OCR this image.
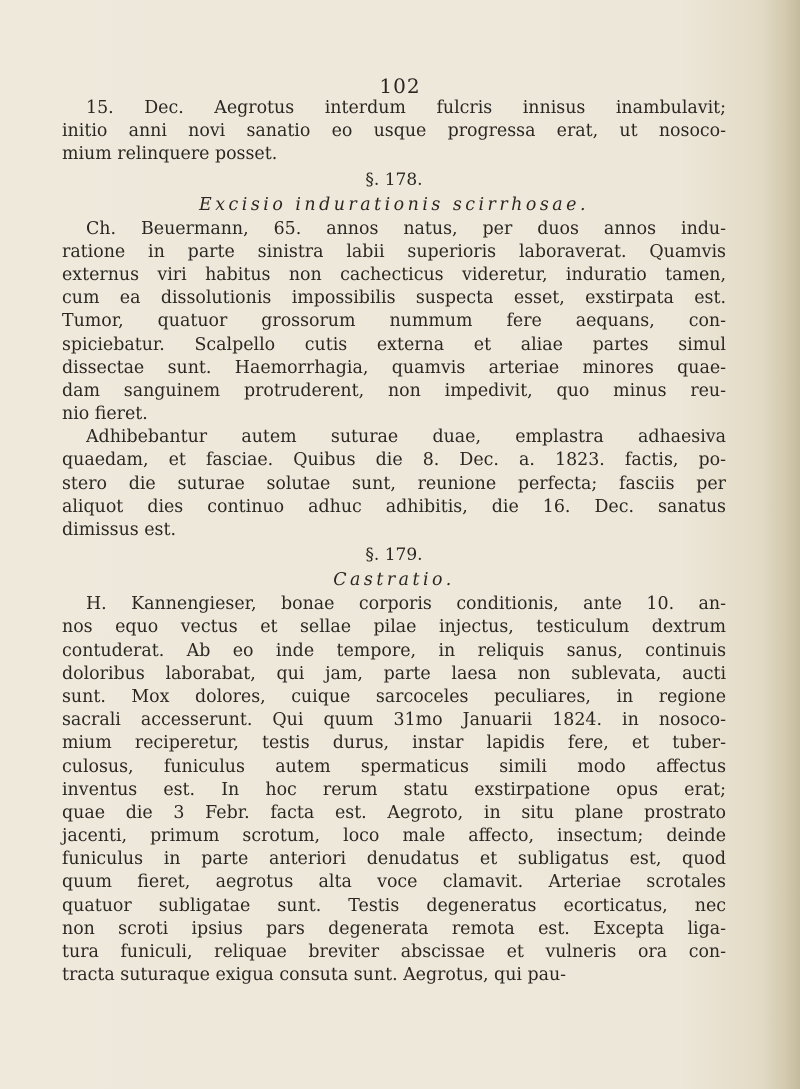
102
15. Dec. Aegrotus interdum fulcris innisus inambulavit;
initio anni novi sanatio eo usque progressa erat, ut nosoco-
mium relinquere posset.
§. 178.
Excisio indurationis scirrhosae.
Ch. Beuermann, 65. annos natus, per duos annos indu-
ratione in parte sinistra labii superioris laboraverat. Quamvis
externus viri habitus non cachecticus videretur, induratio tamen,
cum ea dissolutionis impossibilis suspecta esset, exstirpata est.
Tumor, quatuor grossorum nummum fere aequans, con-
spiciebatur. Scalpello cutis externa et aliae partes simul
dissectae sunt. Haemorrhagia, quamvis arteriae minores quae-
dam sanguinem protruderent, non impedivit, quo minus reu-
nio fieret.
Adhibebantur autem suturae duae, emplastra adhaesiva
quaedam, et fasciae. Quibus die 8. Dec. a. 1823. factis, po-
stero die suturae solutae sunt, reunione perfecta; fasciis per
aliquot dies continuo adhuc adhibitis, die 16. Dec. sanatus
dimissus est.
§. 179.
Castratio.
H. Kannengieser, bonae corporis conditionis, ante 10. an-
nos equo vectus et sellae pilae injectus, testiculum dextrum
contuderat. Ab eo inde tempore, in reliquis sanus, continuis
doloribus laborabat, qui jam, parte laesa non sublevata, aucti
sunt. Mox dolores, cuique sarcoceles peculiares, in regione
sacrali accesserunt. Qui quum 31mo Januarii 1824. in nosoco-
mium reciperetur, testis durus, instar lapidis fere, et tuber-
culosus, funiculus autem spermaticus simili modo affectus
inventus est. In hoc rerum statu exstirpatione opus erat;
quae die 3 Febr. facta est. Aegroto, in situ plane prostrato
jacenti, primum scrotum, loco male affecto, insectum; deinde
funiculus in parte anteriori denudatus et subligatus est, quod
quum fieret, aegrotus alta voce clamavit. Arteriae scrotales
quatuor subligatae sunt. Testis degeneratus ecorticatus, nec
non scroti ipsius pars degenerata remota est. Excepta liga-
tura funiculi, reliquae breviter abscissae et vulneris ora con-
tracta suturaque exigua consuta sunt. Aegrotus, qui pau-
